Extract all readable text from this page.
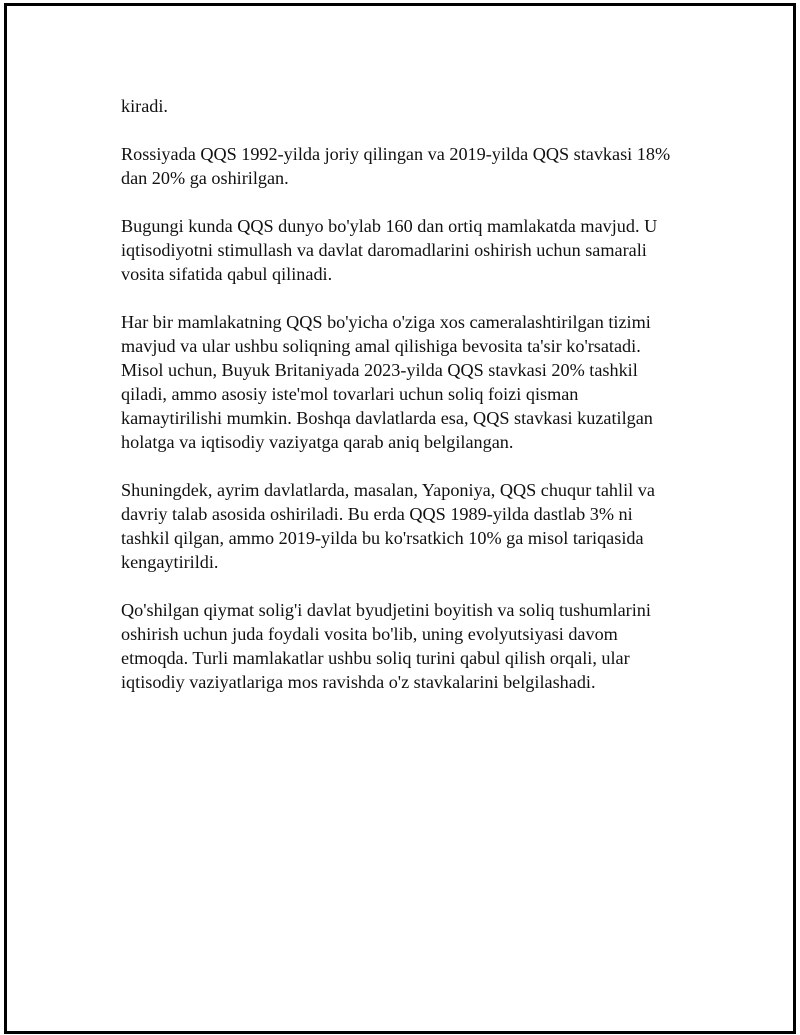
kiradi.

Rossiyada QQS 1992-yilda joriy qilingan va 2019-yilda QQS stavkasi 18%
dan 20% ga oshirilgan.

Bugungi kunda QQS dunyo bo'ylab 160 dan ortiq mamlakatda mavjud. U
iqtisodiyotni stimullash va davlat daromadlarini oshirish uchun samarali
vosita sifatida qabul qilinadi.

Har bir mamlakatning QQS bo'yicha o'ziga xos cameralashtirilgan tizimi
mavjud va ular ushbu soliqning amal qilishiga bevosita ta'sir ko'rsatadi.
Misol uchun, Buyuk Britaniyada 2023-yilda QQS stavkasi 20% tashkil
qiladi, ammo asosiy iste'mol tovarlari uchun soliq foizi qisman
kamaytirilishi mumkin. Boshqa davlatlarda esa, QQS stavkasi kuzatilgan
holatga va iqtisodiy vaziyatga qarab aniq belgilangan.

Shuningdek, ayrim davlatlarda, masalan, Yaponiya, QQS chuqur tahlil va
davriy talab asosida oshiriladi. Bu erda QQS 1989-yilda dastlab 3% ni
tashkil qilgan, ammo 2019-yilda bu ko'rsatkich 10% ga misol tariqasida
kengaytirildi.

Qo'shilgan qiymat solig'i davlat byudjetini boyitish va soliq tushumlarini
oshirish uchun juda foydali vosita bo'lib, uning evolyutsiyasi davom
etmoqda. Turli mamlakatlar ushbu soliq turini qabul qilish orqali, ular
iqtisodiy vaziyatlariga mos ravishda o'z stavkalarini belgilashadi.
